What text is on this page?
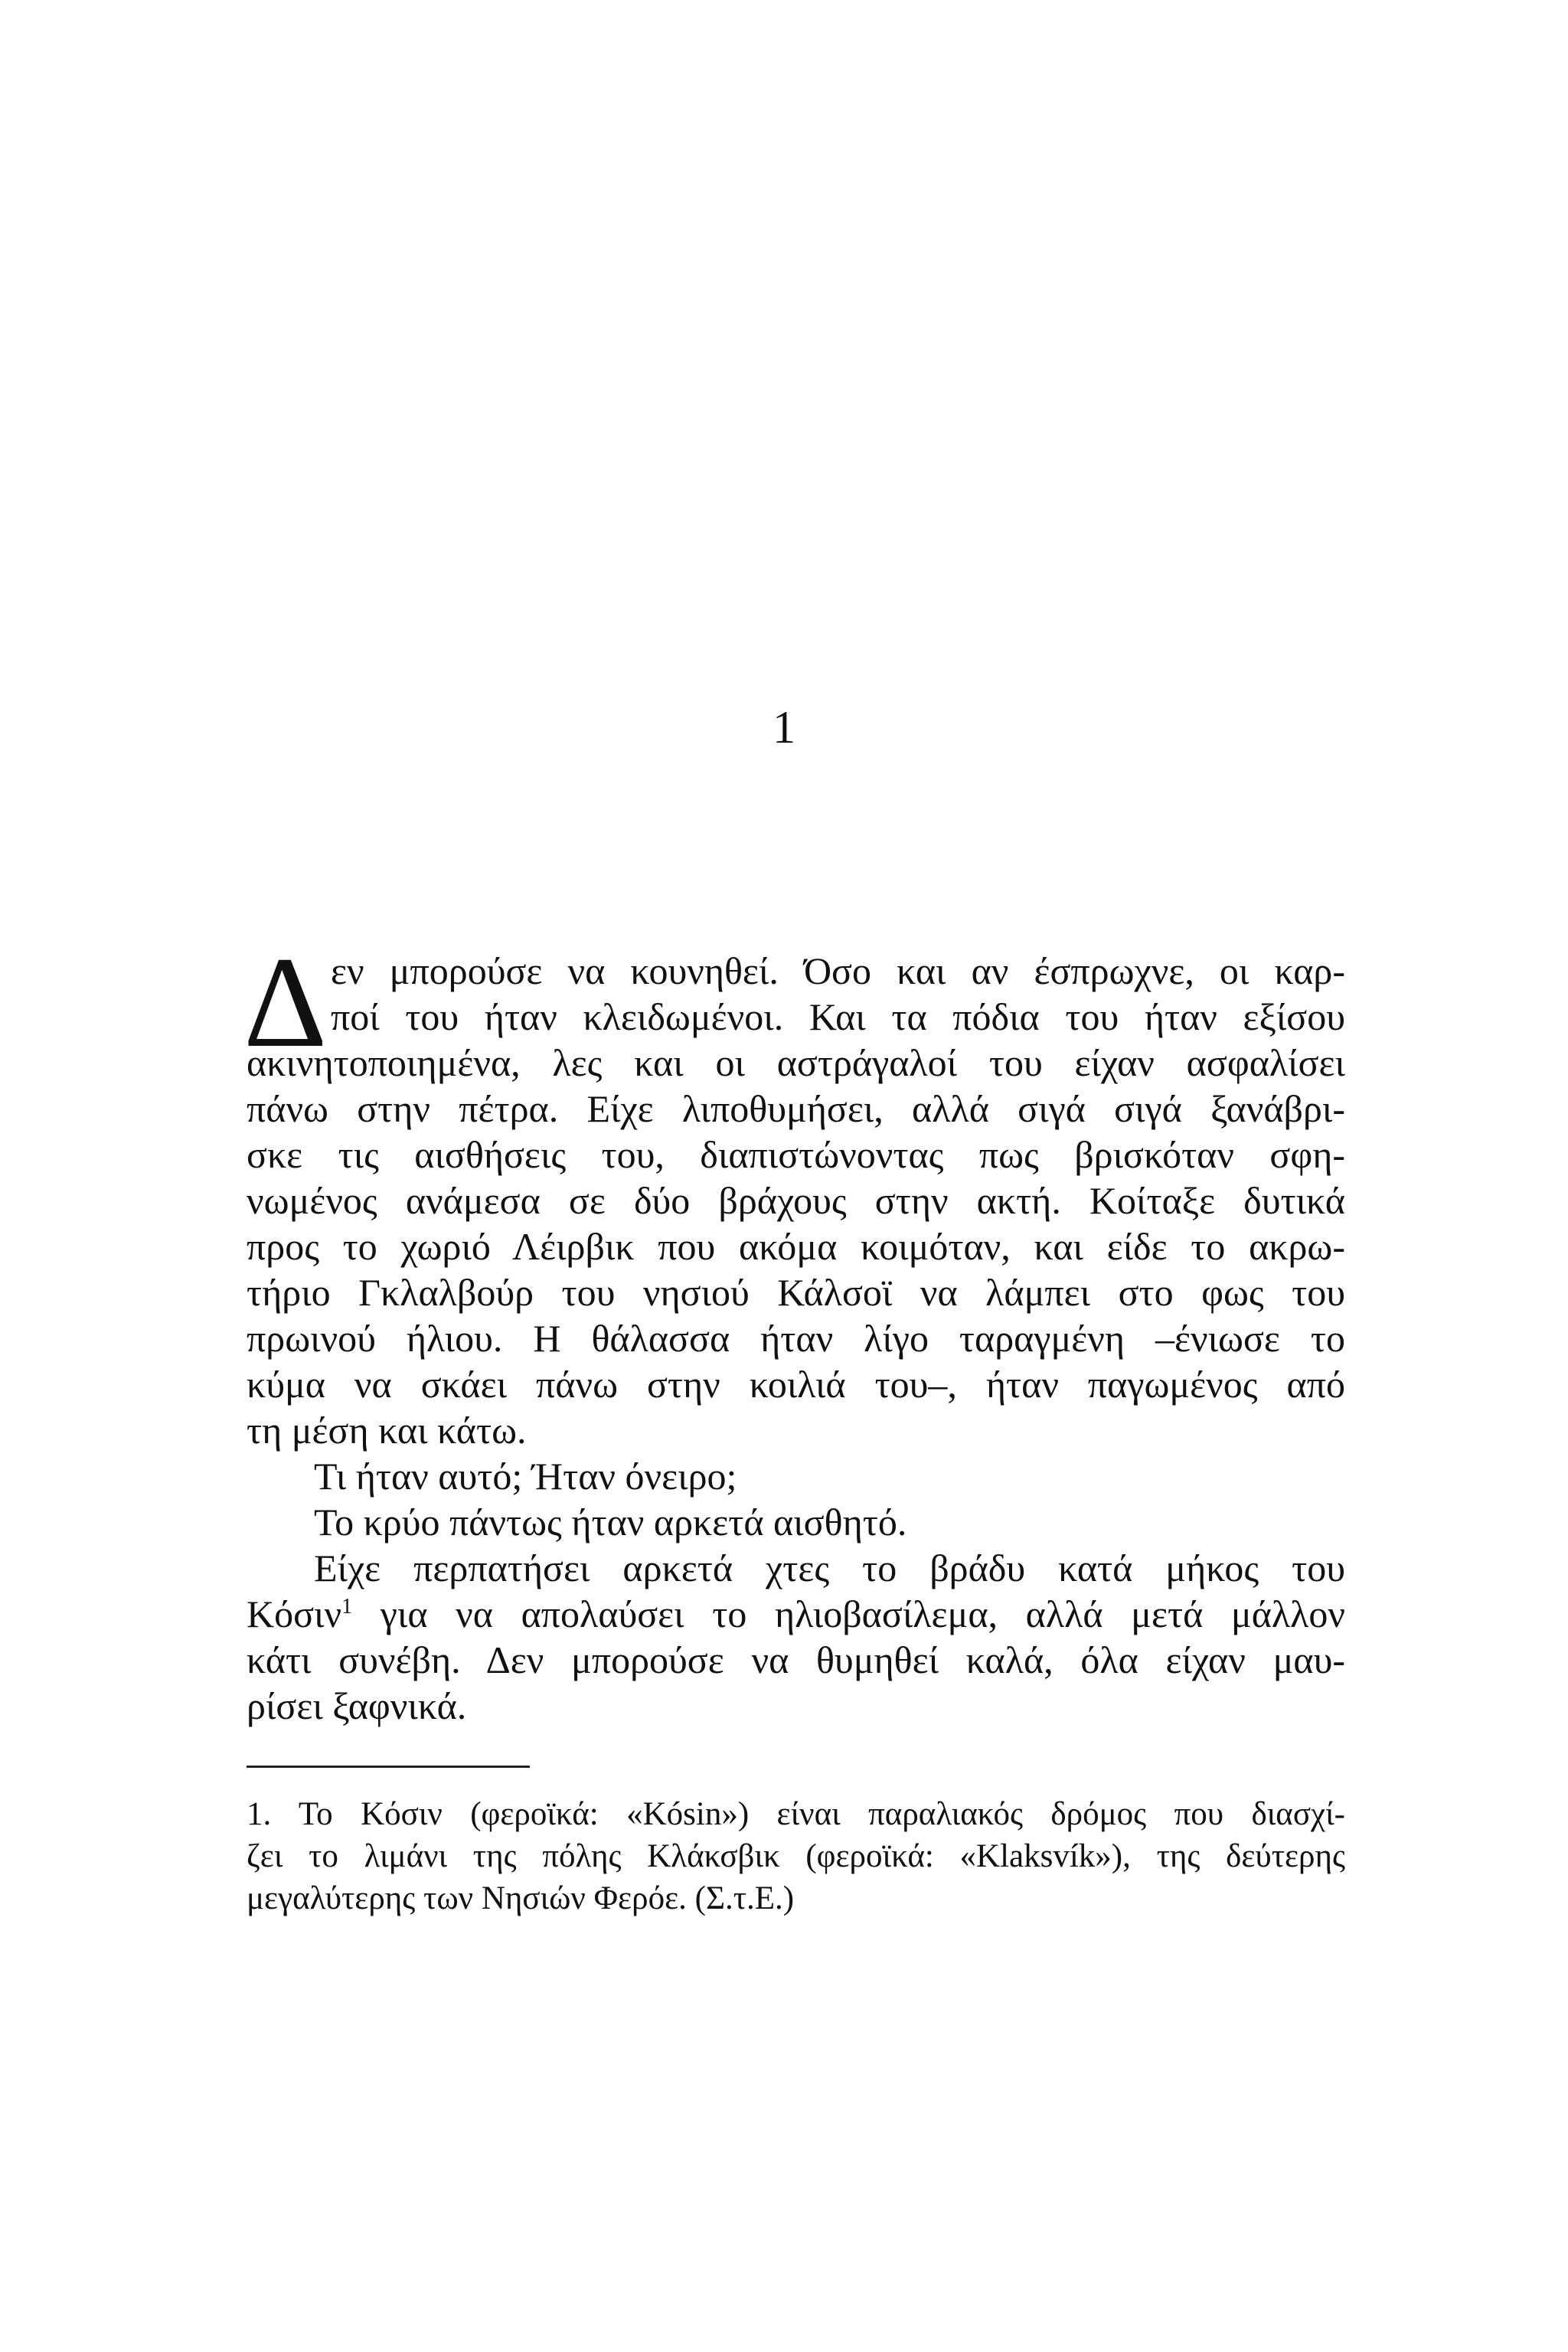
1
Δ εν μπορούσε να κουνηθεί. Όσο και αν έσπρωχνε, οι καρ-
ποί του ήταν κλειδωμένοι. Και τα πόδια του ήταν εξίσου
ακινητοποιημένα, λες και οι αστράγαλοί του είχαν ασφαλίσει
πάνω στην πέτρα. Είχε λιποθυμήσει, αλλά σιγά σιγά ξανάβρι-
σκε τις αισθήσεις του, διαπιστώνοντας πως βρισκόταν σφη-
νωμένος ανάμεσα σε δύο βράχους στην ακτή. Κοίταξε δυτικά
προς το χωριό Λέιρβικ που ακόμα κοιμόταν, και είδε το ακρω-
τήριο Γκλαλβούρ του νησιού Κάλσοϊ να λάμπει στο φως του
πρωινού ήλιου. Η θάλασσα ήταν λίγο ταραγμένη –ένιωσε το
κύμα να σκάει πάνω στην κοιλιά του–, ήταν παγωμένος από
τη μέση και κάτω.
Τι ήταν αυτό; Ήταν όνειρο;
Το κρύο πάντως ήταν αρκετά αισθητό.
Είχε περπατήσει αρκετά χτες το βράδυ κατά μήκος του
Κόσιν$^1$ για να απολαύσει το ηλιοβασίλεμα, αλλά μετά μάλλον
κάτι συνέβη. Δεν μπορούσε να θυμηθεί καλά, όλα είχαν μαυ-
ρίσει ξαφνικά.
1. Το Κόσιν (φεροϊκά: «Kósin») είναι παραλιακός δρόμος που διασχί-
ζει το λιμάνι της πόλης Κλάκσβικ (φεροϊκά: «Klaksvík»), της δεύτερης
μεγαλύτερης των Νησιών Φερόε. (Σ.τ.Ε.)
